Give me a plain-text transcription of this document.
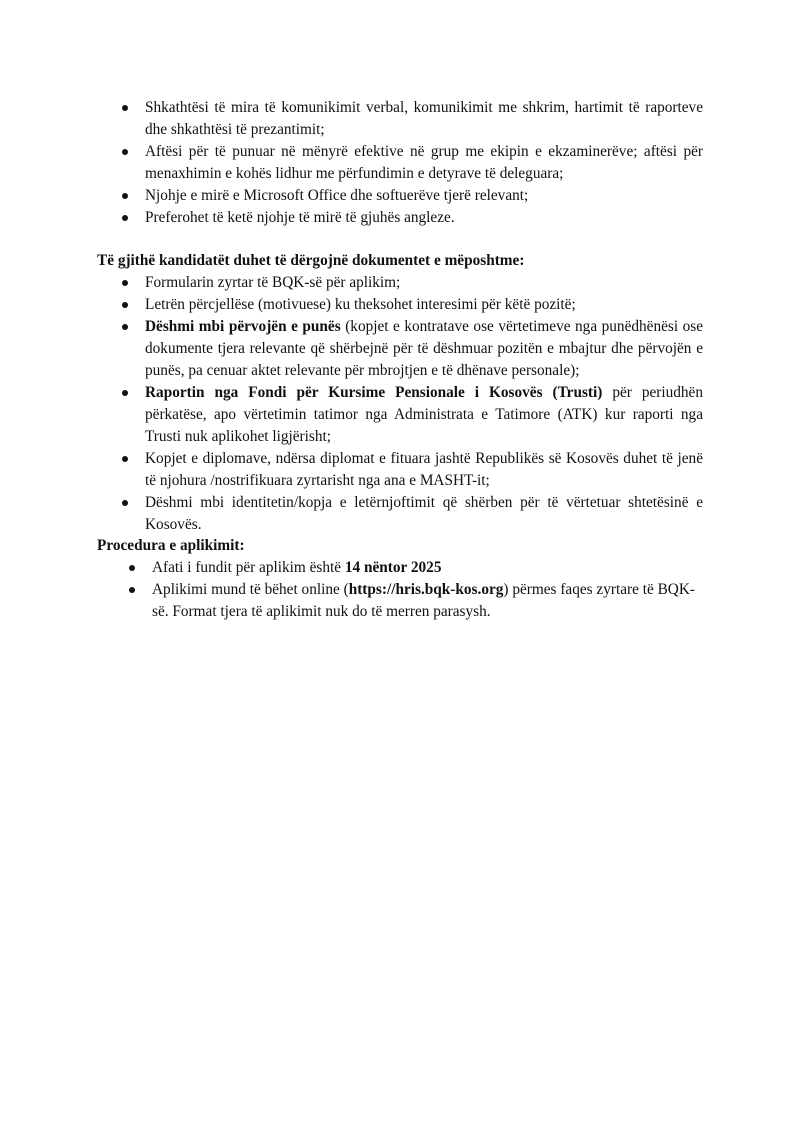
Shkathtësi të mira të komunikimit verbal, komunikimit me shkrim, hartimit të raporteve dhe shkathtësi të prezantimit;
Aftësi për të punuar në mënyrë efektive në grup me ekipin e ekzaminerëve; aftësi për menaxhimin e kohës lidhur me përfundimin e detyrave të deleguara;
Njohje e mirë e Microsoft Office dhe softuerëve tjerë relevant;
Preferohet të ketë njohje të mirë të gjuhës angleze.

Të gjithë kandidatët duhet të dërgojnë dokumentet e mëposhtme:

Formularin zyrtar të BQK-së për aplikim;
Letrën përcjellëse (motivuese) ku theksohet interesimi për këtë pozitë;
Dëshmi mbi përvojën e punës (kopjet e kontratave ose vërtetimeve nga punëdhënësi ose dokumente tjera relevante që shërbejnë për të dëshmuar pozitën e mbajtur dhe përvojën e punës, pa cenuar aktet relevante për mbrojtjen e të dhënave personale);
Raportin nga Fondi për Kursime Pensionale i Kosovës (Trusti) për periudhën përkatëse, apo vërtetimin tatimor nga Administrata e Tatimore (ATK) kur raporti nga Trusti nuk aplikohet ligjërisht;
Kopjet e diplomave, ndërsa diplomat e fituara jashtë Republikës së Kosovës duhet të jenë të njohura /nostrifikuara zyrtarisht nga ana e MASHT-it;
Dëshmi mbi identitetin/kopja e letërnjoftimit që shërben për të vërtetuar shtetësinë e Kosovës.

Procedura e aplikimit:

Afati i fundit për aplikim është 14 nëntor 2025
Aplikimi mund të bëhet online (https://hris.bqk-kos.org) përmes faqes zyrtare të BQK-së. Format tjera të aplikimit nuk do të merren parasysh.
